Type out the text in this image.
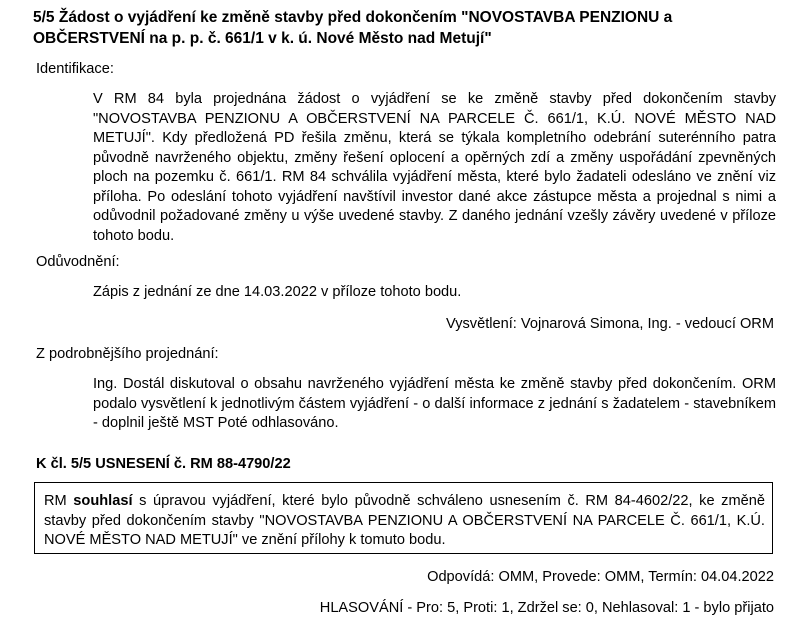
5/5 Žádost o vyjádření ke změně stavby před dokončením "NOVOSTAVBA PENZIONU a OBČERSTVENÍ na p. p. č. 661/1 v k. ú. Nové Město nad Metují"
Identifikace:
V RM 84 byla projednána žádost o vyjádření se ke změně stavby před dokončením stavby "NOVOSTAVBA PENZIONU A OBČERSTVENÍ NA PARCELE Č. 661/1, K.Ú. NOVÉ MĚSTO NAD METUJÍ". Kdy předložená PD řešila změnu, která se týkala kompletního odebrání suterénního patra původně navrženého objektu, změny řešení oplocení a opěrných zdí a změny uspořádání zpevněných ploch na pozemku č. 661/1. RM 84 schválila vyjádření města, které bylo žadateli odesláno ve znění viz příloha. Po odeslání tohoto vyjádření navštívil investor dané akce zástupce města a projednal s nimi a odůvodnil požadované změny u výše uvedené stavby. Z daného jednání vzešly závěry uvedené v příloze tohoto bodu.
Odůvodnění:
Zápis z jednání ze dne 14.03.2022 v příloze tohoto bodu.
Vysvětlení: Vojnarová Simona, Ing. - vedoucí ORM
Z podrobnějšího projednání:
Ing. Dostál diskutoval o obsahu navrženého vyjádření města ke změně stavby před dokončením. ORM podalo vysvětlení k jednotlivým částem vyjádření - o další informace z jednání s žadatelem - stavebníkem - doplnil ještě MST Poté odhlasováno.
K čl. 5/5 USNESENÍ č. RM 88-4790/22
RM souhlasí s úpravou vyjádření, které bylo původně schváleno usnesením č. RM 84-4602/22, ke změně stavby před dokončením stavby "NOVOSTAVBA PENZIONU A OBČERSTVENÍ NA PARCELE Č. 661/1, K.Ú. NOVÉ MĚSTO NAD METUJÍ" ve znění přílohy k tomuto bodu.
Odpovídá: OMM, Provede: OMM, Termín: 04.04.2022
HLASOVÁNÍ - Pro: 5, Proti: 1, Zdržel se: 0, Nehlasoval: 1 - bylo přijato
